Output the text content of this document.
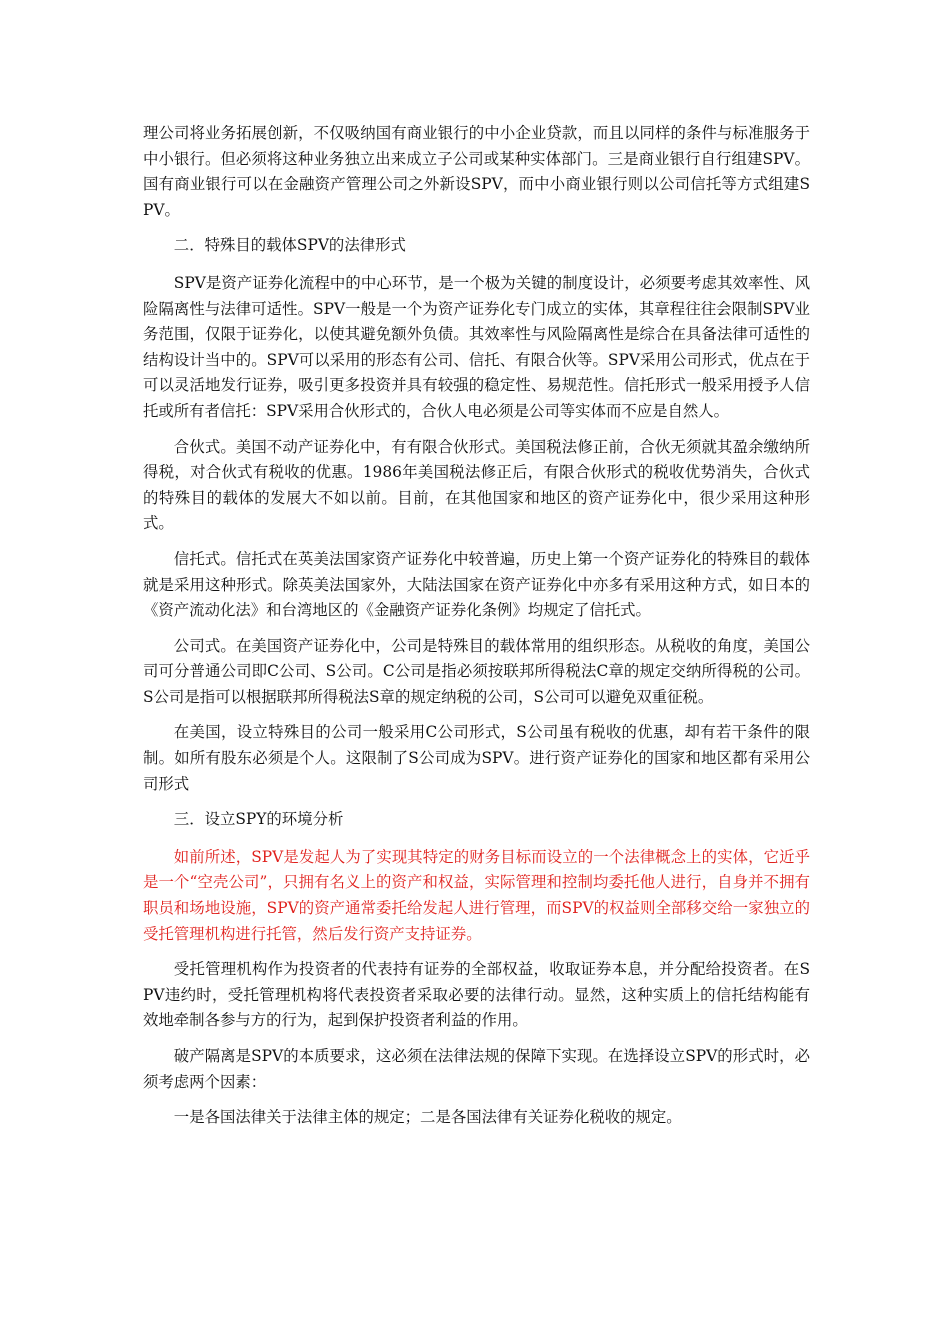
理公司将业务拓展创新，不仅吸纳国有商业银行的中小企业贷款，而且以同样的条件与标准服务于中小银行。但必须将这种业务独立出来成立子公司或某种实体部门。三是商业银行自行组建SPV。国有商业银行可以在金融资产管理公司之外新设SPV，而中小商业银行则以公司信托等方式组建SPV。

二．特殊目的载体SPV的法律形式

SPV是资产证券化流程中的中心环节，是一个极为关键的制度设计，必须要考虑其效率性、风险隔离性与法律可适性。SPV一般是一个为资产证券化专门成立的实体，其章程往往会限制SPV业务范围，仅限于证券化，以使其避免额外负债。其效率性与风险隔离性是综合在具备法律可适性的结构设计当中的。SPV可以采用的形态有公司、信托、有限合伙等。SPV采用公司形式，优点在于可以灵活地发行证券，吸引更多投资并具有较强的稳定性、易规范性。信托形式一般采用授予人信托或所有者信托：SPV采用合伙形式的，合伙人电必须是公司等实体而不应是自然人。

合伙式。美国不动产证券化中，有有限合伙形式。美国税法修正前，合伙无须就其盈余缴纳所得税，对合伙式有税收的优惠。1986年美国税法修正后，有限合伙形式的税收优势消失，合伙式的特殊目的载体的发展大不如以前。目前，在其他国家和地区的资产证券化中，很少采用这种形式。

信托式。信托式在英美法国家资产证券化中较普遍，历史上第一个资产证券化的特殊目的载体就是采用这种形式。除英美法国家外，大陆法国家在资产证券化中亦多有采用这种方式，如日本的《资产流动化法》和台湾地区的《金融资产证券化条例》均规定了信托式。

公司式。在美国资产证券化中，公司是特殊目的载体常用的组织形态。从税收的角度，美国公司可分普通公司即C公司、S公司。C公司是指必须按联邦所得税法C章的规定交纳所得税的公司。S公司是指可以根据联邦所得税法S章的规定纳税的公司，S公司可以避免双重征税。

在美国，设立特殊目的公司一般采用C公司形式，S公司虽有税收的优惠，却有若干条件的限制。如所有股东必须是个人。这限制了S公司成为SPV。进行资产证券化的国家和地区都有采用公司形式

三．设立SPY的环境分析

如前所述，SPV是发起人为了实现其特定的财务目标而设立的一个法律概念上的实体，它近乎是一个“空壳公司”，只拥有名义上的资产和权益，实际管理和控制均委托他人进行，自身并不拥有职员和场地设施，SPV的资产通常委托给发起人进行管理，而SPV的权益则全部移交给一家独立的受托管理机构进行托管，然后发行资产支持证券。

受托管理机构作为投资者的代表持有证券的全部权益，收取证券本息，并分配给投资者。在SPV违约时，受托管理机构将代表投资者采取必要的法律行动。显然，这种实质上的信托结构能有效地牵制各参与方的行为，起到保护投资者利益的作用。

破产隔离是SPV的本质要求，这必须在法律法规的保障下实现。在选择设立SPV的形式时，必须考虑两个因素：

一是各国法律关于法律主体的规定；二是各国法律有关证券化税收的规定。
